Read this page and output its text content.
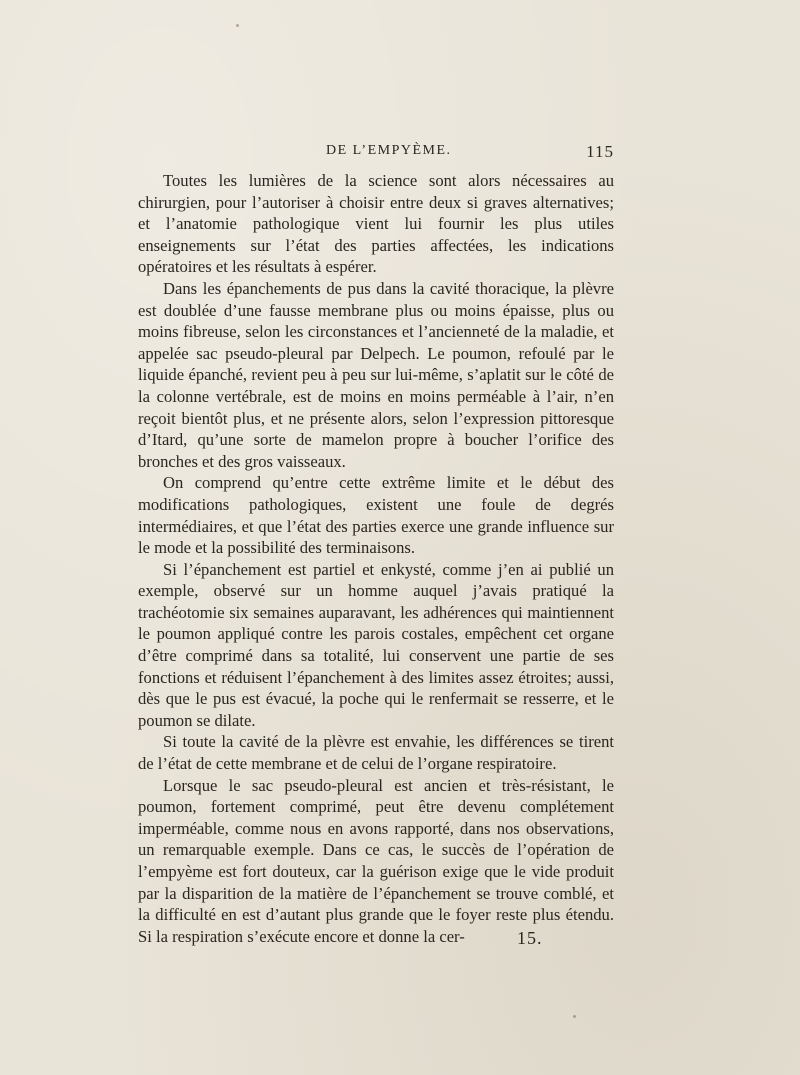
DE L’EMPYÈME.	115

Toutes les lumières de la science sont alors nécessaires au chirurgien, pour l’autoriser à choisir entre deux si graves alternatives; et l’anatomie pathologique vient lui fournir les plus utiles enseignements sur l’état des parties affectées, les indications opératoires et les résultats à espérer.

Dans les épanchements de pus dans la cavité thoracique, la plèvre est doublée d’une fausse membrane plus ou moins épaisse, plus ou moins fibreuse, selon les circonstances et l’ancienneté de la maladie, et appelée sac pseudo-pleural par Delpech. Le poumon, refoulé par le liquide épanché, revient peu à peu sur lui-même, s’aplatit sur le côté de la colonne vertébrale, est de moins en moins perméable à l’air, n’en reçoit bientôt plus, et ne présente alors, selon l’expression pittoresque d’Itard, qu’une sorte de mamelon propre à boucher l’orifice des bronches et des gros vaisseaux.

On comprend qu’entre cette extrême limite et le début des modifications pathologiques, existent une foule de degrés intermédiaires, et que l’état des parties exerce une grande influence sur le mode et la possibilité des terminaisons.

Si l’épanchement est partiel et enkysté, comme j’en ai publié un exemple, observé sur un homme auquel j’avais pratiqué la trachéotomie six semaines auparavant, les adhérences qui maintiennent le poumon appliqué contre les parois costales, empêchent cet organe d’être comprimé dans sa totalité, lui conservent une partie de ses fonctions et réduisent l’épanchement à des limites assez étroites; aussi, dès que le pus est évacué, la poche qui le renfermait se resserre, et le poumon se dilate.

Si toute la cavité de la plèvre est envahie, les différences se tirent de l’état de cette membrane et de celui de l’organe respiratoire.

Lorsque le sac pseudo-pleural est ancien et très-résistant, le poumon, fortement comprimé, peut être devenu complétement imperméable, comme nous en avons rapporté, dans nos observations, un remarquable exemple. Dans ce cas, le succès de l’opération de l’empyème est fort douteux, car la guérison exige que le vide produit par la disparition de la matière de l’épanchement se trouve comblé, et la difficulté en est d’autant plus grande que le foyer reste plus étendu. Si la respiration s’exécute encore et donne la cer-	15.
